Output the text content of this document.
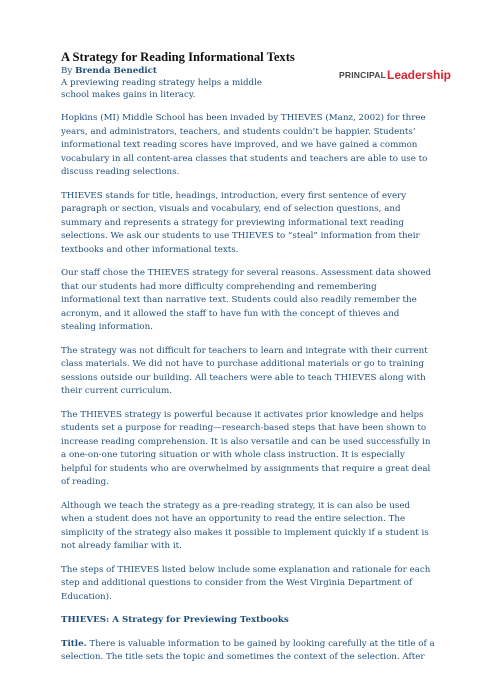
A Strategy for Reading Informational Texts

By Brenda Benedict

A previewing reading strategy helps a middle school makes gains in literacy.

Hopkins (MI) Middle School has been invaded by THIEVES (Manz, 2002) for three years, and administrators, teachers, and students couldn’t be happier. Students’ informational text reading scores have improved, and we have gained a common vocabulary in all content-area classes that students and teachers are able to use to discuss reading selections.

THIEVES stands for title, headings, introduction, every first sentence of every paragraph or section, visuals and vocabulary, end of selection questions, and summary and represents a strategy for previewing informational text reading selections. We ask our students to use THIEVES to “steal” information from their textbooks and other informational texts.

Our staff chose the THIEVES strategy for several reasons. Assessment data showed that our students had more difficulty comprehending and remembering informational text than narrative text. Students could also readily remember the acronym, and it allowed the staff to have fun with the concept of thieves and stealing information.

The strategy was not difficult for teachers to learn and integrate with their current class materials. We did not have to purchase additional materials or go to training sessions outside our building. All teachers were able to teach THIEVES along with their current curriculum.

The THIEVES strategy is powerful because it activates prior knowledge and helps students set a purpose for reading—research-based steps that have been shown to increase reading comprehension. It is also versatile and can be used successfully in a one-on-one tutoring situation or with whole class instruction. It is especially helpful for students who are overwhelmed by assignments that require a great deal of reading.

Although we teach the strategy as a pre-reading strategy, it is can also be used when a student does not have an opportunity to read the entire selection. The simplicity of the strategy also makes it possible to implement quickly if a student is not already familiar with it.

The steps of THIEVES listed below include some explanation and rationale for each step and additional questions to consider from the West Virginia Department of Education).

THIEVES: A Strategy for Previewing Textbooks

Title. There is valuable information to be gained by looking carefully at the title of a selection. The title sets the topic and sometimes the context of the selection. After

PRINCIPAL Leadership
